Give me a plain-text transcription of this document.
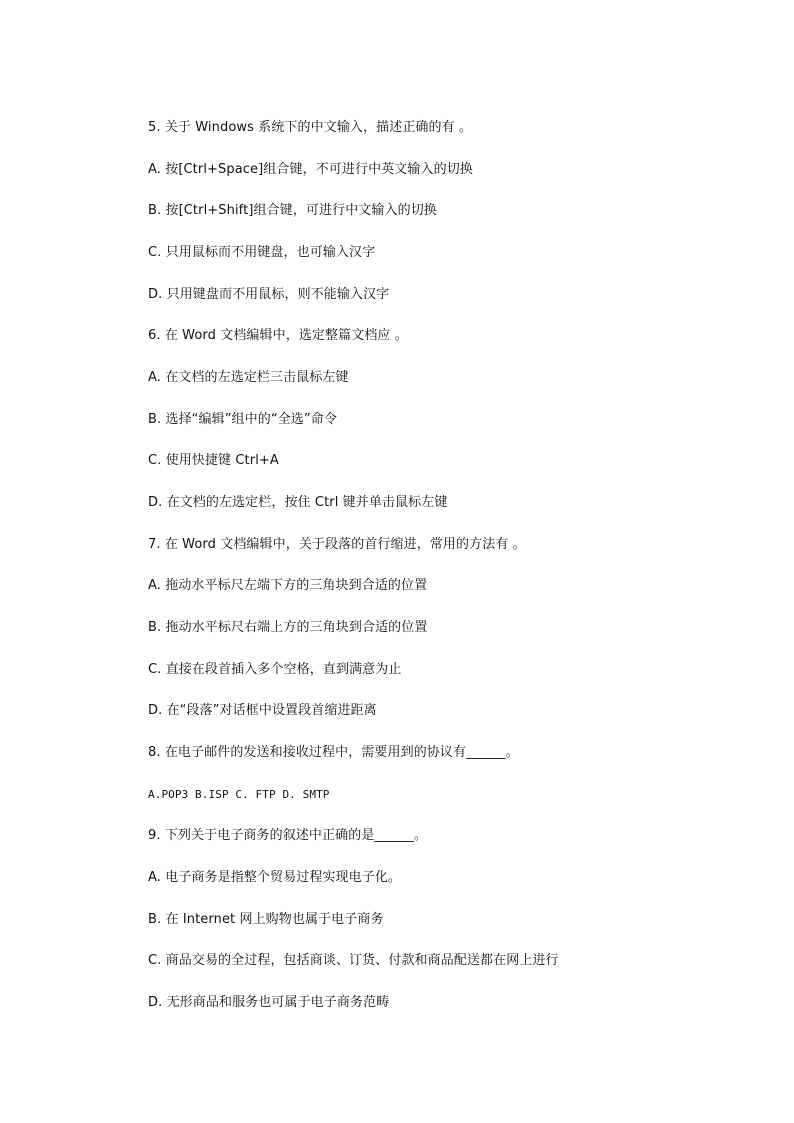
5. 关于 Windows 系统下的中文输入，描述正确的有 。
A. 按[Ctrl+Space]组合键，不可进行中英文输入的切换
B. 按[Ctrl+Shift]组合键，可进行中文输入的切换
C. 只用鼠标而不用键盘，也可输入汉字
D. 只用键盘而不用鼠标，则不能输入汉字
6. 在 Word 文档编辑中，选定整篇文档应 。
A. 在文档的左选定栏三击鼠标左键
B. 选择“编辑”组中的“全选”命令
C. 使用快捷键 Ctrl+A
D. 在文档的左选定栏，按住 Ctrl 键并单击鼠标左键
7. 在 Word 文档编辑中，关于段落的首行缩进，常用的方法有 。
A. 拖动水平标尺左端下方的三角块到合适的位置
B. 拖动水平标尺右端上方的三角块到合适的位置
C. 直接在段首插入多个空格，直到满意为止
D. 在“段落”对话框中设置段首缩进距离
8. 在电子邮件的发送和接收过程中，需要用到的协议有______。
A.POP3 B.ISP C. FTP D. SMTP
9. 下列关于电子商务的叙述中正确的是______。
A. 电子商务是指整个贸易过程实现电子化。
B. 在 Internet 网上购物也属于电子商务
C. 商品交易的全过程，包括商谈、订货、付款和商品配送都在网上进行
D. 无形商品和服务也可属于电子商务范畴
